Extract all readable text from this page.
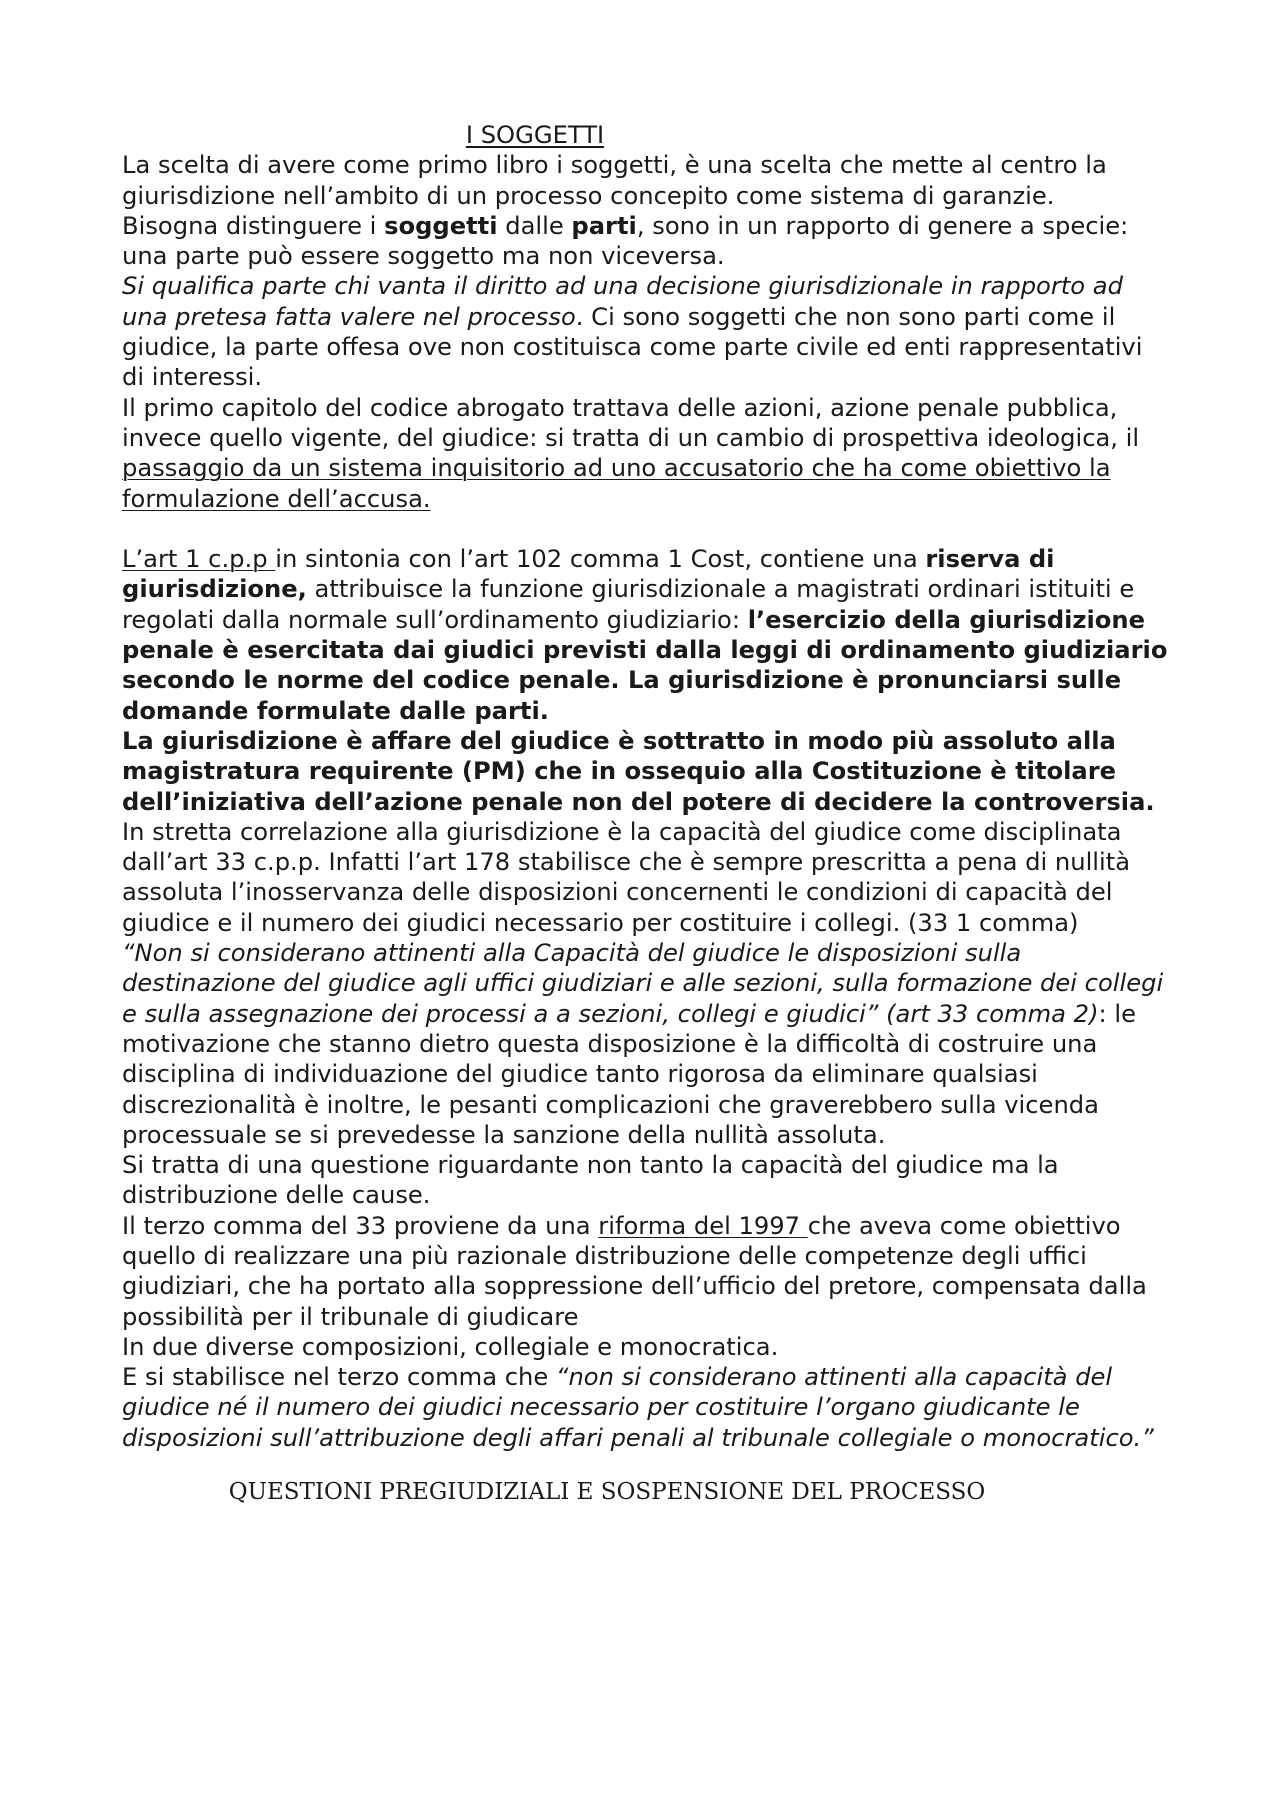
I SOGGETTI

La scelta di avere come primo libro i soggetti, è una scelta che mette al centro la giurisdizione nell’ambito di un processo concepito come sistema di garanzie.

Bisogna distinguere i soggetti dalle parti, sono in un rapporto di genere a specie: una parte può essere soggetto ma non viceversa.

Si qualifica parte chi vanta il diritto ad una decisione giurisdizionale in rapporto ad una pretesa fatta valere nel processo. Ci sono soggetti che non sono parti come il giudice, la parte offesa ove non costituisca come parte civile ed enti rappresentativi di interessi.

Il primo capitolo del codice abrogato trattava delle azioni, azione penale pubblica, invece quello vigente, del giudice: si tratta di un cambio di prospettiva ideologica, il passaggio da un sistema inquisitorio ad uno accusatorio che ha come obiettivo la formulazione dell’accusa.

L’art 1 c.p.p in sintonia con l’art 102 comma 1 Cost, contiene una riserva di giurisdizione, attribuisce la funzione giurisdizionale a magistrati ordinari istituiti e regolati dalla normale sull’ordinamento giudiziario: l’esercizio della giurisdizione penale è esercitata dai giudici previsti dalla leggi di ordinamento giudiziario secondo le norme del codice penale. La giurisdizione è pronunciarsi sulle domande formulate dalle parti.

La giurisdizione è affare del giudice è sottratto in modo più assoluto alla magistratura requirente (PM) che in ossequio alla Costituzione è titolare dell’iniziativa dell’azione penale non del potere di decidere la controversia.

In stretta correlazione alla giurisdizione è la capacità del giudice come disciplinata dall’art 33 c.p.p. Infatti l’art 178 stabilisce che è sempre prescritta a pena di nullità assoluta l’inosservanza delle disposizioni concernenti le condizioni di capacità del giudice e il numero dei giudici necessario per costituire i collegi. (33 1 comma)

“Non si considerano attinenti alla Capacità del giudice le disposizioni sulla destinazione del giudice agli uffici giudiziari e alle sezioni, sulla formazione dei collegi e sulla assegnazione dei processi a a sezioni, collegi e giudici” (art 33 comma 2): le motivazione che stanno dietro questa disposizione è la difficoltà di costruire una disciplina di individuazione del giudice tanto rigorosa da eliminare qualsiasi discrezionalità è inoltre, le pesanti complicazioni che graverebbero sulla vicenda processuale se si prevedesse la sanzione della nullità assoluta.

Si tratta di una questione riguardante non tanto la capacità del giudice ma la distribuzione delle cause.

Il terzo comma del 33 proviene da una riforma del 1997 che aveva come obiettivo quello di realizzare una più razionale distribuzione delle competenze degli uffici giudiziari, che ha portato alla soppressione dell’ufficio del pretore, compensata dalla possibilità per il tribunale di giudicare

In due diverse composizioni, collegiale e monocratica.

E si stabilisce nel terzo comma che “non si considerano attinenti alla capacità del giudice né il numero dei giudici necessario per costituire l’organo giudicante le disposizioni sull’attribuzione degli affari penali al tribunale collegiale o monocratico.”

QUESTIONI PREGIUDIZIALI E SOSPENSIONE DEL PROCESSO
